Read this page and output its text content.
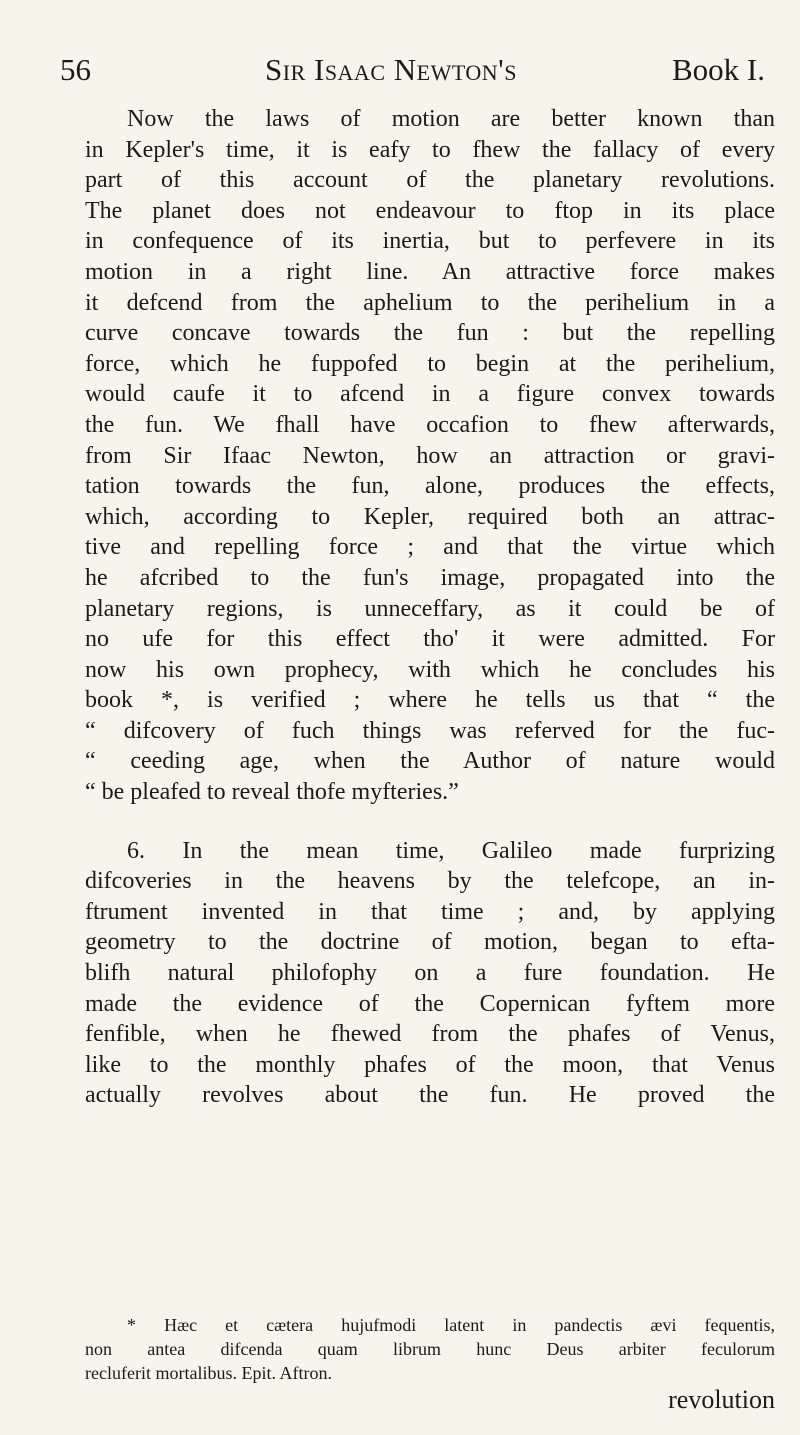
56	Sir Isaac Newton's	Book I.
Now the laws of motion are better known than
in Kepler's time, it is eafy to fhew the fallacy of every
part of this account of the planetary revolutions.
The planet does not endeavour to ftop in its place
in confequence of its inertia, but to perfevere in its
motion in a right line. An attractive force makes
it defcend from the aphelium to the perihelium in a
curve concave towards the fun : but the repelling
force, which he fuppofed to begin at the perihelium,
would caufe it to afcend in a figure convex towards
the fun. We fhall have occafion to fhew afterwards,
from Sir Ifaac Newton, how an attraction or gravi-
tation towards the fun, alone, produces the effects,
which, according to Kepler, required both an attrac-
tive and repelling force ; and that the virtue which
he afcribed to the fun's image, propagated into the
planetary regions, is unneceffary, as it could be of
no ufe for this effect tho' it were admitted. For
now his own prophecy, with which he concludes his
book *, is verified ; where he tells us that “ the
“ difcovery of fuch things was referved for the fuc-
“ ceeding age, when the Author of nature would
“ be pleafed to reveal thofe myfteries.”
6. In the mean time, Galileo made furprizing
difcoveries in the heavens by the telefcope, an in-
ftrument invented in that time ; and, by applying
geometry to the doctrine of motion, began to efta-
blifh natural philofophy on a fure foundation. He
made the evidence of the Copernican fyftem more
fenfible, when he fhewed from the phafes of Venus,
like to the monthly phafes of the moon, that Venus
actually revolves about the fun. He proved the
* Hæc et cætera hujufmodi latent in pandectis ævi fequentis,
non antea difcenda quam librum hunc Deus arbiter feculorum
recluferit mortalibus. Epit. Aftron.
revolution
